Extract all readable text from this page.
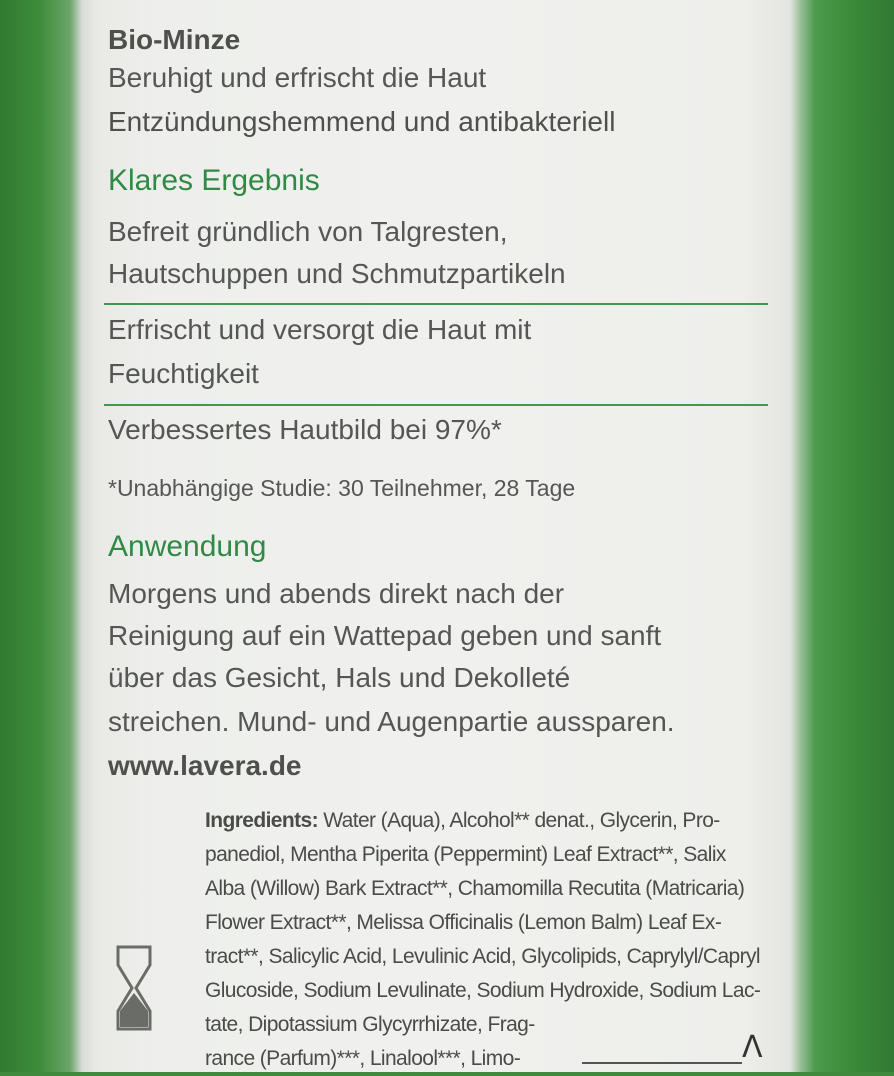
Bio-Minze
Beruhigt und erfrischt die Haut
Entzündungshemmend und antibakteriell
Klares Ergebnis
Befreit gründlich von Talgresten,
Hautschuppen und Schmutzpartikeln
Erfrischt und versorgt die Haut mit
Feuchtigkeit
Verbessertes Hautbild bei 97%*
*Unabhängige Studie: 30 Teilnehmer, 28 Tage
Anwendung
Morgens und abends direkt nach der
Reinigung auf ein Wattepad geben und sanft
über das Gesicht, Hals und Dekolleté
streichen. Mund- und Augenpartie aussparen.
www.lavera.de
Ingredients: Water (Aqua), Alcohol** denat., Glycerin, Pro-
panediol, Mentha Piperita (Peppermint) Leaf Extract**, Salix
Alba (Willow) Bark Extract**, Chamomilla Recutita (Matricaria)
Flower Extract**, Melissa Officinalis (Lemon Balm) Leaf Ex-
tract**, Salicylic Acid, Levulinic Acid, Glycolipids, Caprylyl/Capryl
Glucoside, Sodium Levulinate, Sodium Hydroxide, Sodium Lac-
tate, Dipotassium Glycyrrhizate, Frag-
rance (Parfum)***, Linalool***, Limo-	Λ
